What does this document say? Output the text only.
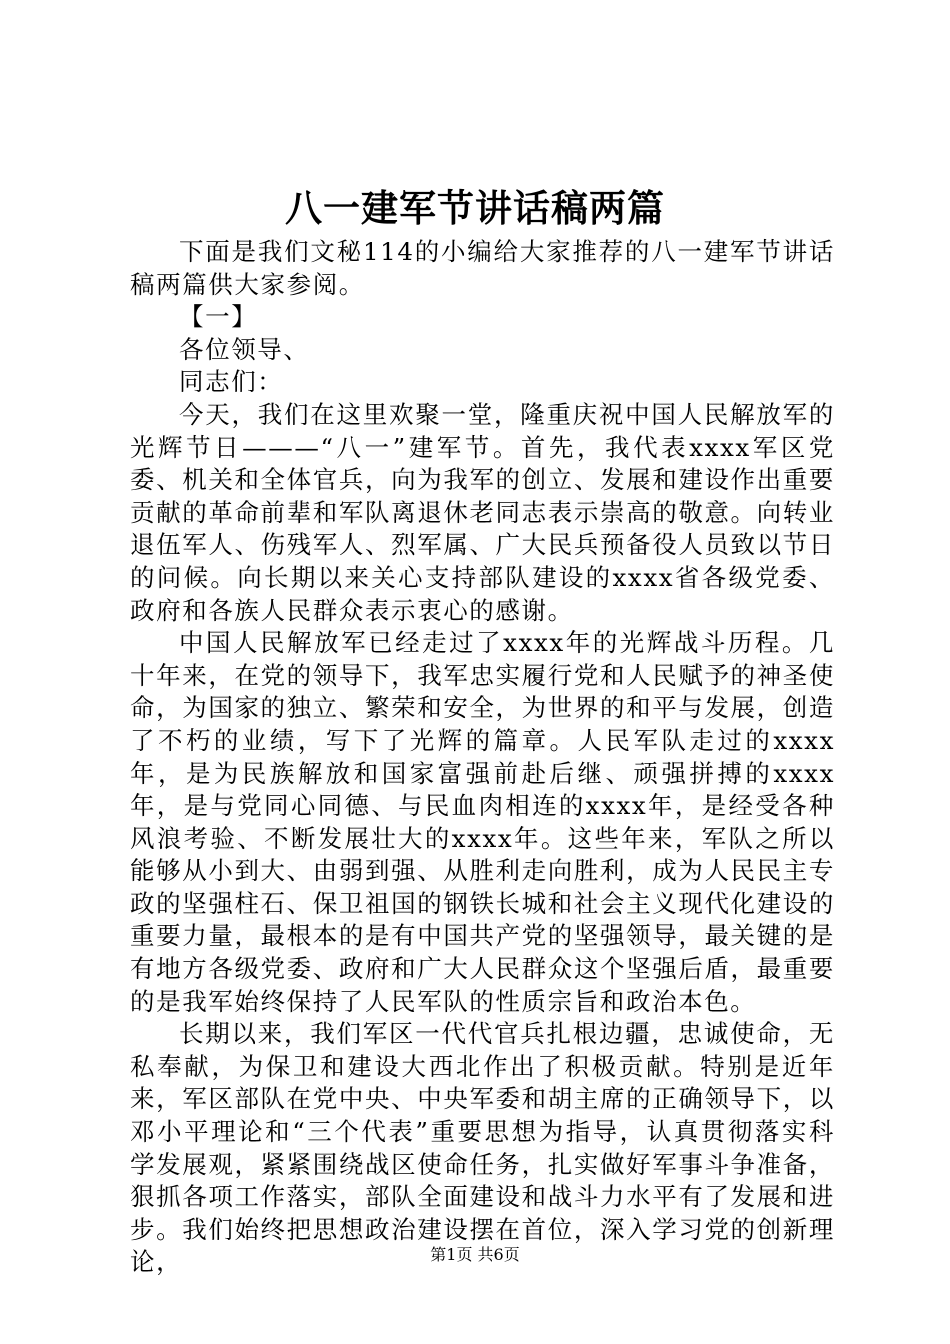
八一建军节讲话稿两篇

下面是我们文秘114的小编给大家推荐的八一建军节讲话稿两篇供大家参阅。

【一】

各位领导、

同志们：

今天，我们在这里欢聚一堂，隆重庆祝中国人民解放军的光辉节日———“八一”建军节。首先，我代表xxxx军区党委、机关和全体官兵，向为我军的创立、发展和建设作出重要贡献的革命前辈和军队离退休老同志表示崇高的敬意。向转业退伍军人、伤残军人、烈军属、广大民兵预备役人员致以节日的问候。向长期以来关心支持部队建设的xxxx省各级党委、政府和各族人民群众表示衷心的感谢。

中国人民解放军已经走过了xxxx年的光辉战斗历程。几十年来，在党的领导下，我军忠实履行党和人民赋予的神圣使命，为国家的独立、繁荣和安全，为世界的和平与发展，创造了不朽的业绩，写下了光辉的篇章。人民军队走过的xxxx年，是为民族解放和国家富强前赴后继、顽强拼搏的xxxx年，是与党同心同德、与民血肉相连的xxxx年，是经受各种风浪考验、不断发展壮大的xxxx年。这些年来，军队之所以能够从小到大、由弱到强、从胜利走向胜利，成为人民民主专政的坚强柱石、保卫祖国的钢铁长城和社会主义现代化建设的重要力量，最根本的是有中国共产党的坚强领导，最关键的是有地方各级党委、政府和广大人民群众这个坚强后盾，最重要的是我军始终保持了人民军队的性质宗旨和政治本色。

长期以来，我们军区一代代官兵扎根边疆，忠诚使命，无私奉献，为保卫和建设大西北作出了积极贡献。特别是近年来，军区部队在党中央、中央军委和胡主席的正确领导下，以邓小平理论和“三个代表”重要思想为指导，认真贯彻落实科学发展观，紧紧围绕战区使命任务，扎实做好军事斗争准备，狠抓各项工作落实，部队全面建设和战斗力水平有了发展和进步。我们始终把思想政治建设摆在首位，深入学习党的创新理论，	第1页 共6页
